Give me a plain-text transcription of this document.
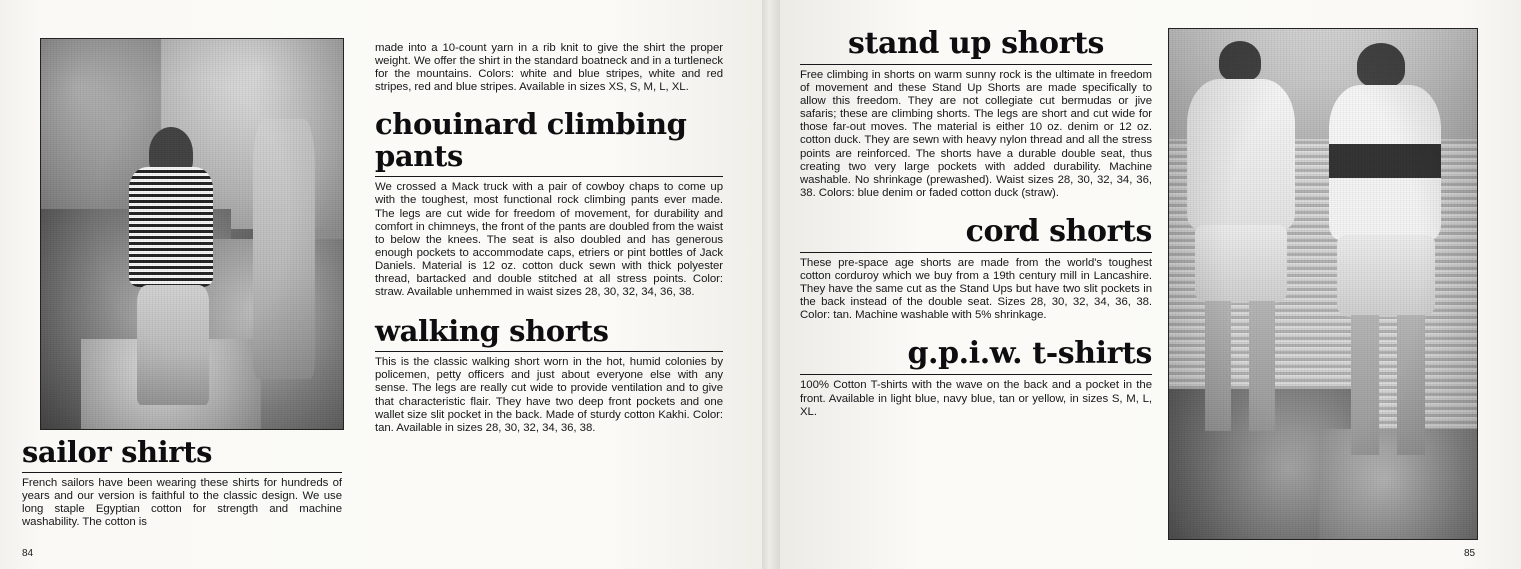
sailor shirts
French sailors have been wearing these shirts for hundreds of years and our version is faithful to the classic design. We use long staple Egyptian cotton for strength and machine washability. The cotton is
made into a 10-count yarn in a rib knit to give the shirt the proper weight. We offer the shirt in the standard boatneck and in a turtleneck for the mountains. Colors: white and blue stripes, white and red stripes, red and blue stripes. Available in sizes XS, S, M, L, XL.
chouinard climbing pants
We crossed a Mack truck with a pair of cowboy chaps to come up with the toughest, most functional rock climbing pants ever made. The legs are cut wide for freedom of movement, for durability and comfort in chimneys, the front of the pants are doubled from the waist to below the knees. The seat is also doubled and has generous enough pockets to accommodate caps, etriers or pint bottles of Jack Daniels. Material is 12 oz. cotton duck sewn with thick polyester thread, bartacked and double stitched at all stress points. Color: straw. Available unhemmed in waist sizes 28, 30, 32, 34, 36, 38.
walking shorts
This is the classic walking short worn in the hot, humid colonies by policemen, petty officers and just about everyone else with any sense. The legs are really cut wide to provide ventilation and to give that characteristic flair. They have two deep front pockets and one wallet size slit pocket in the back. Made of sturdy cotton Kakhi. Color: tan. Available in sizes 28, 30, 32, 34, 36, 38.
84
stand up shorts
Free climbing in shorts on warm sunny rock is the ultimate in freedom of movement and these Stand Up Shorts are made specifically to allow this freedom. They are not collegiate cut bermudas or jive safaris; these are climbing shorts. The legs are short and cut wide for those far-out moves. The material is either 10 oz. denim or 12 oz. cotton duck. They are sewn with heavy nylon thread and all the stress points are reinforced. The shorts have a durable double seat, thus creating two very large pockets with added durability. Machine washable. No shrinkage (prewashed). Waist sizes 28, 30, 32, 34, 36, 38. Colors: blue denim or faded cotton duck (straw).
cord shorts
These pre-space age shorts are made from the world's toughest cotton corduroy which we buy from a 19th century mill in Lancashire. They have the same cut as the Stand Ups but have two slit pockets in the back instead of the double seat. Sizes 28, 30, 32, 34, 36, 38. Color: tan. Machine washable with 5% shrinkage.
g.p.i.w. t-shirts
100% Cotton T-shirts with the wave on the back and a pocket in the front. Available in light blue, navy blue, tan or yellow, in sizes S, M, L, XL.
85
